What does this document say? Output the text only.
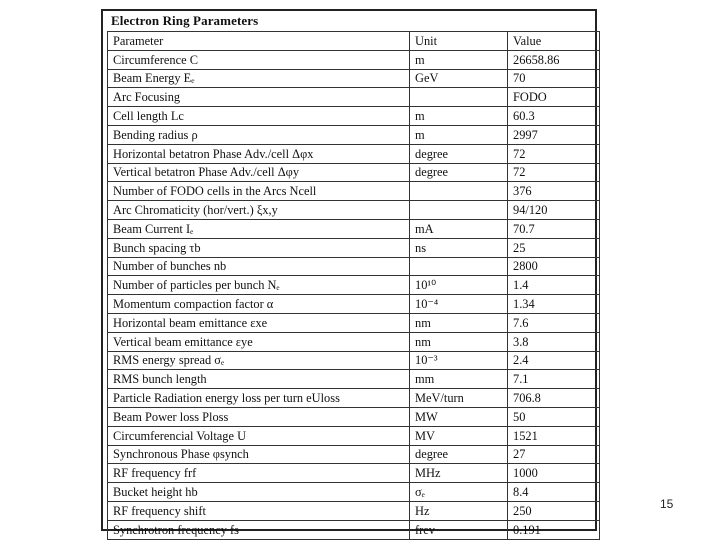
Electron Ring Parameters
Parameter	Unit	Value
Circumference C	m	26658.86
Beam Energy Eₑ	GeV	70
Arc Focusing		FODO
Cell length Lc	m	60.3
Bending radius ρ	m	2997
Horizontal betatron Phase Adv./cell Δφx	degree	72
Vertical betatron Phase Adv./cell Δφy	degree	72
Number of FODO cells in the Arcs Ncell		376
Arc Chromaticity (hor/vert.) ξx,y		94/120
Beam Current Iₑ	mA	70.7
Bunch spacing τb	ns	25
Number of bunches nb		2800
Number of particles per bunch Nₑ	10¹⁰	1.4
Momentum compaction factor α	10⁻⁴	1.34
Horizontal beam emittance εxe	nm	7.6
Vertical beam emittance εye	nm	3.8
RMS energy spread σₑ	10⁻³	2.4
RMS bunch length	mm	7.1
Particle Radiation energy loss per turn eUloss	MeV/turn	706.8
Beam Power loss Ploss	MW	50
Circumferencial Voltage U	MV	1521
Synchronous Phase φsynch	degree	27
RF frequency frf	MHz	1000
Bucket height hb	σₑ	8.4
RF frequency shift	Hz	250
Synchrotron frequency fs	frev	0.191
15
